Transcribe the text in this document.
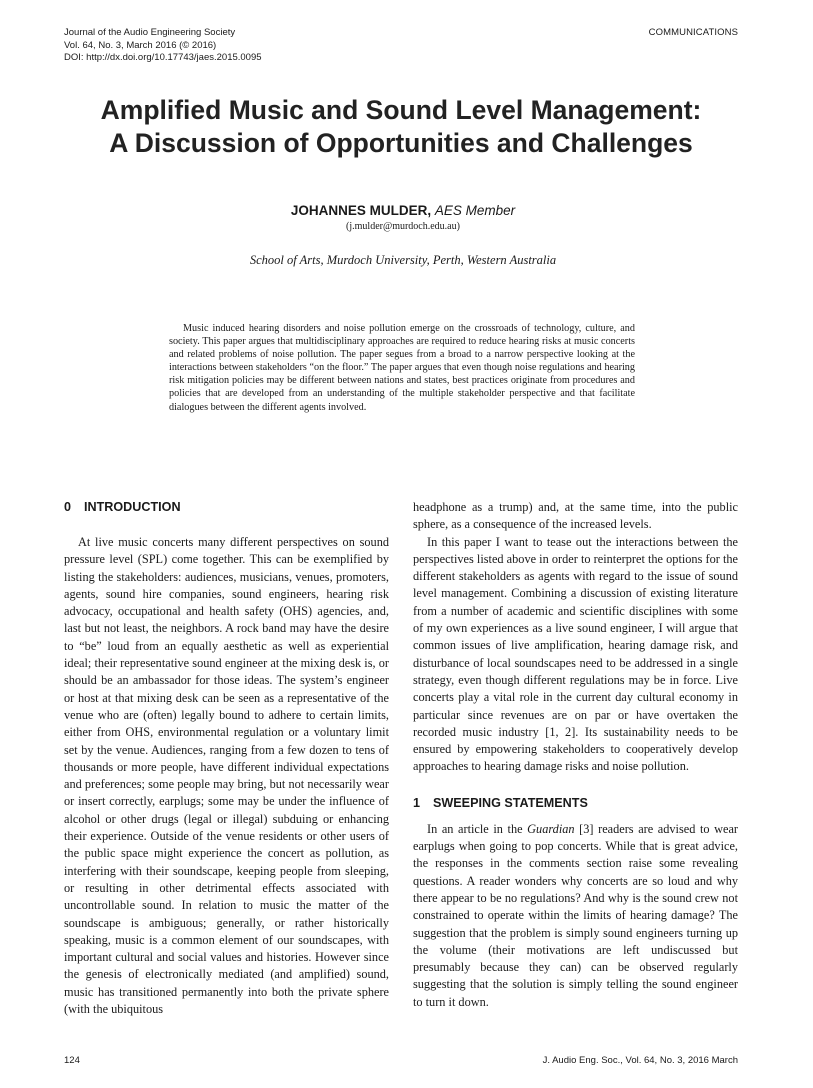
Journal of the Audio Engineering Society
Vol. 64, No. 3, March 2016 (© 2016)
DOI: http://dx.doi.org/10.17743/jaes.2015.0095
COMMUNICATIONS
Amplified Music and Sound Level Management:
A Discussion of Opportunities and Challenges
JOHANNES MULDER, AES Member
(j.mulder@murdoch.edu.au)
School of Arts, Murdoch University, Perth, Western Australia
Music induced hearing disorders and noise pollution emerge on the crossroads of technology, culture, and society. This paper argues that multidisciplinary approaches are required to reduce hearing risks at music concerts and related problems of noise pollution. The paper segues from a broad to a narrow perspective looking at the interactions between stakeholders “on the floor.” The paper argues that even though noise regulations and hearing risk mitigation policies may be different between nations and states, best practices originate from procedures and policies that are developed from an understanding of the multiple stakeholder perspective and that facilitate dialogues between the different agents involved.
0 INTRODUCTION

At live music concerts many different perspectives on sound pressure level (SPL) come together. This can be exemplified by listing the stakeholders: audiences, musicians, venues, promoters, agents, sound hire companies, sound engineers, hearing risk advocacy, occupational and health safety (OHS) agencies, and, last but not least, the neighbors. A rock band may have the desire to “be” loud from an equally aesthetic as well as experiential ideal; their representative sound engineer at the mixing desk is, or should be an ambassador for those ideas. The system’s engineer or host at that mixing desk can be seen as a representative of the venue who are (often) legally bound to adhere to certain limits, either from OHS, environmental regulation or a voluntary limit set by the venue. Audiences, ranging from a few dozen to tens of thousands or more people, have different individual expectations and preferences; some people may bring, but not necessarily wear or insert correctly, earplugs; some may be under the influence of alcohol or other drugs (legal or illegal) subduing or enhancing their experience. Outside of the venue residents or other users of the public space might experience the concert as pollution, as interfering with their soundscape, keeping people from sleeping, or resulting in other detrimental effects associated with uncontrollable sound. In relation to music the matter of the soundscape is ambiguous; generally, or rather historically speaking, music is a common element of our soundscapes, with important cultural and social values and histories. However since the genesis of electronically mediated (and amplified) sound, music has transitioned permanently into both the private sphere (with the ubiquitous

headphone as a trump) and, at the same time, into the public sphere, as a consequence of the increased levels.

In this paper I want to tease out the interactions between the perspectives listed above in order to reinterpret the options for the different stakeholders as agents with regard to the issue of sound level management. Combining a discussion of existing literature from a number of academic and scientific disciplines with some of my own experiences as a live sound engineer, I will argue that common issues of live amplification, hearing damage risk, and disturbance of local soundscapes need to be addressed in a single strategy, even though different regulations may be in force. Live concerts play a vital role in the current day cultural economy in particular since revenues are on par or have overtaken the recorded music industry [1, 2]. Its sustainability needs to be ensured by empowering stakeholders to cooperatively develop approaches to hearing damage risks and noise pollution.

1 SWEEPING STATEMENTS

In an article in the Guardian [3] readers are advised to wear earplugs when going to pop concerts. While that is great advice, the responses in the comments section raise some revealing questions. A reader wonders why concerts are so loud and why there appear to be no regulations? And why is the sound crew not constrained to operate within the limits of hearing damage? The suggestion that the problem is simply sound engineers turning up the volume (their motivations are left undiscussed but presumably because they can) can be observed regularly suggesting that the solution is simply telling the sound engineer to turn it down.

124	J. Audio Eng. Soc., Vol. 64, No. 3, 2016 March
